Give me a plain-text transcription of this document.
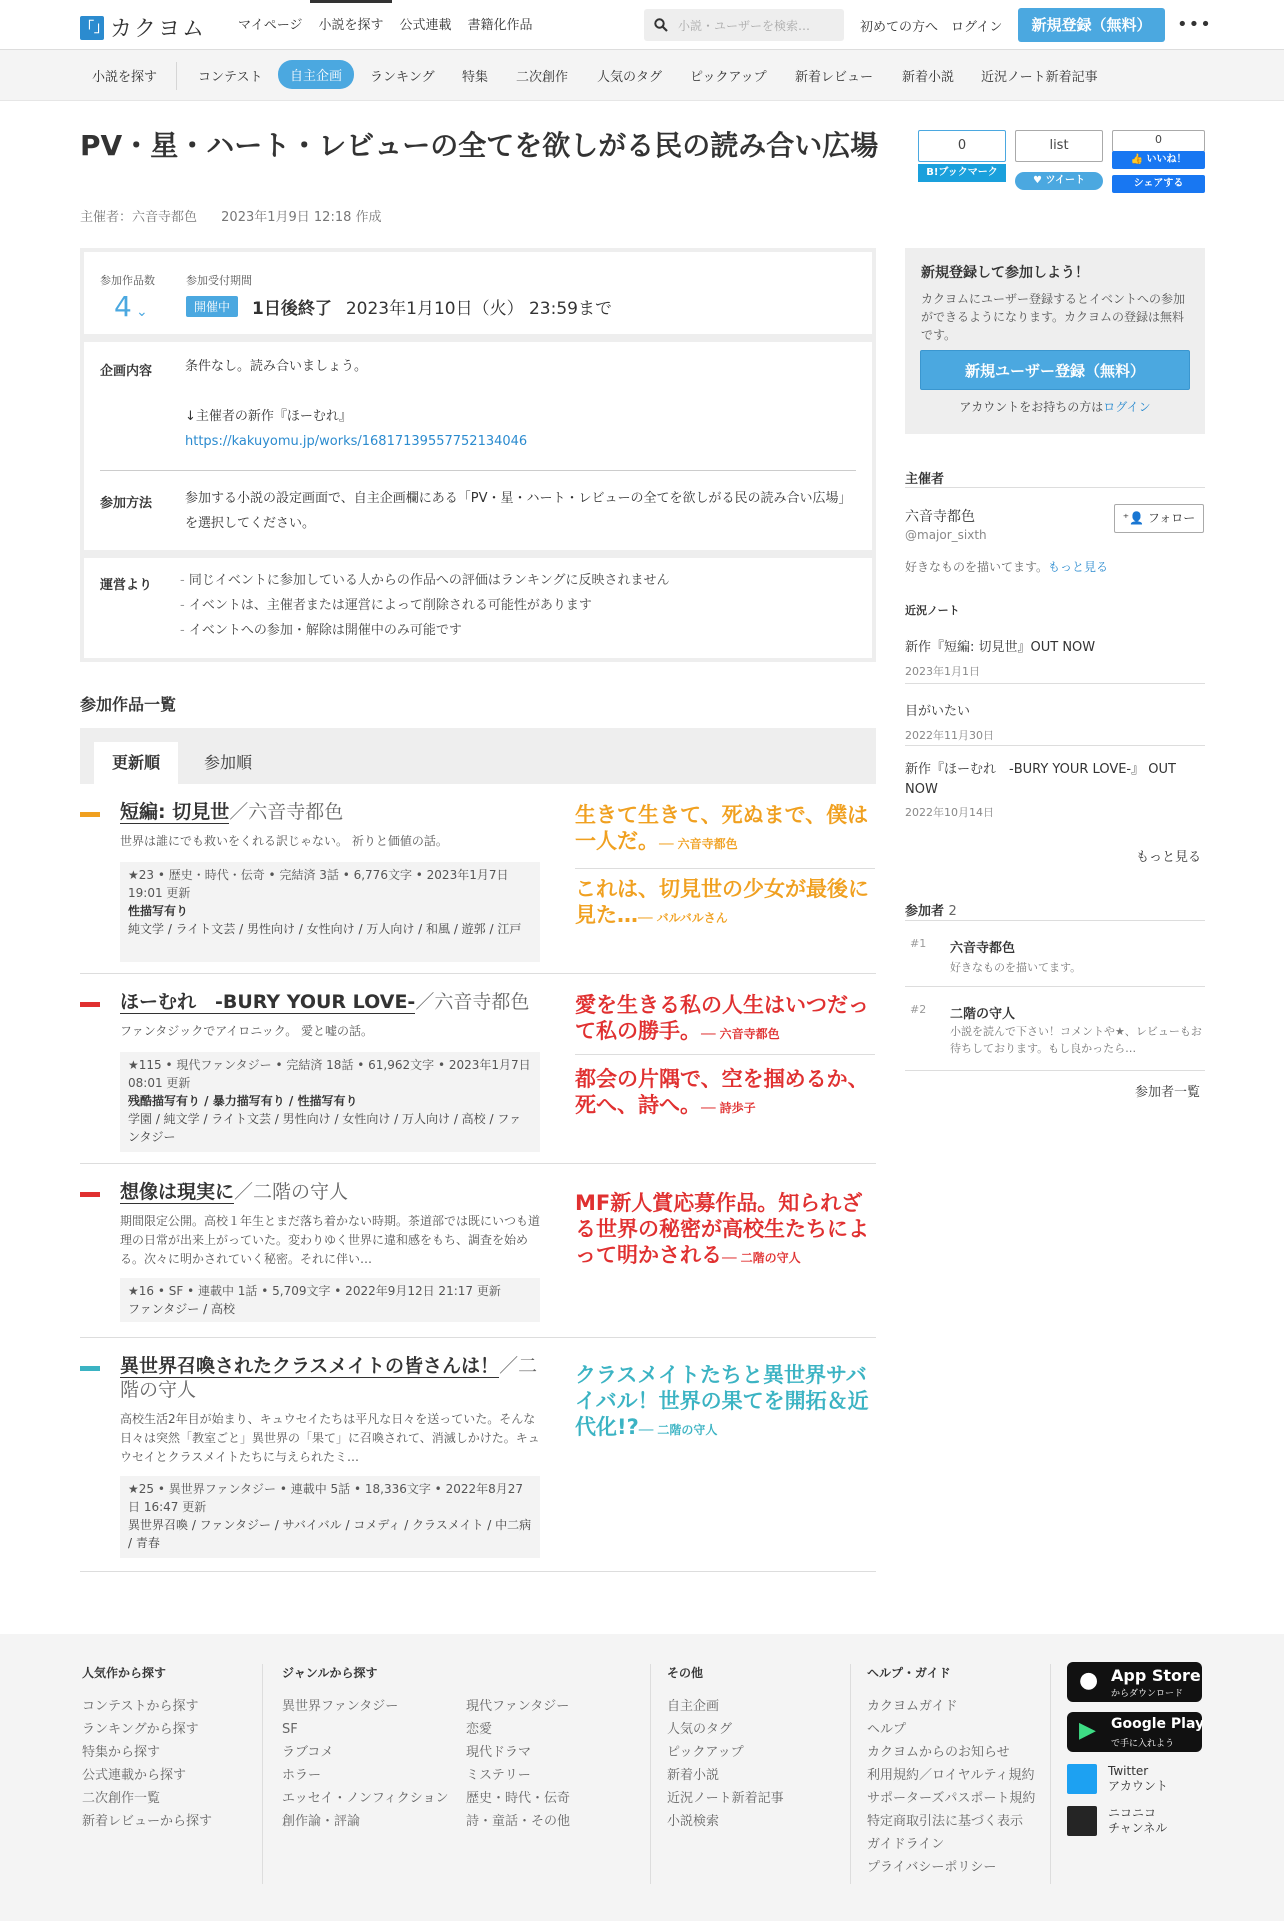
「」 カクヨム	マイページ	小説を探す	公式連載	書籍化作品	小説・ユーザーを検索…	初めての方へ ログイン	新規登録（無料）	•••
小説を探す	コンテスト	自主企画	ランキング 特集 二次創作 人気のタグ ピックアップ 新着レビュー 新着小説 近況ノート新着記事
PV・星・ハート・レビューの全てを欲しがる民の読み合い広場
主催者：六音寺都色 2023年1月9日 12:18 作成
0
B!ブックマーク
list
♥ ツイート
0
👍 いいね！
シェアする
参加作品数
4 ⌄
参加受付期間
開催中	1日後終了 2023年1月10日（火） 23:59まで
企画内容	条件なし。読み合いましょう。
↓主催者の新作『ほーむれ』
https://kakuyomu.jp/works/16817139557752134046
参加方法	参加する小説の設定画面で、自主企画欄にある「PV・星・ハート・レビューの全てを欲しがる民の読み合い広場」を選択してください。
運営より - 同じイベントに参加している人からの作品への評価はランキングに反映されません
- イベントは、主催者または運営によって削除される可能性があります
- イベントへの参加・解除は開催中のみ可能です
参加作品一覧
更新順	参加順
短編: 切見世／六音寺都色
世界は誰にでも救いをくれる訳じゃない。 祈りと価値の話。
★23 • 歴史・時代・伝奇 • 完結済 3話 • 6,776文字 • 2023年1月7日 19:01 更新
性描写有り
純文学 / ライト文芸 / 男性向け / 女性向け / 万人向け / 和風 / 遊郭 / 江戸
生きて生きて、死ぬまで、僕は一人だ。── 六音寺都色
これは、切見世の少女が最後に見た…── バルバルさん
ほーむれ　-BURY YOUR LOVE-／六音寺都色
ファンタジックでアイロニック。 愛と嘘の話。
★115 • 現代ファンタジー • 完結済 18話 • 61,962文字 • 2023年1月7日 08:01 更新
残酷描写有り / 暴力描写有り / 性描写有り
学園 / 純文学 / ライト文芸 / 男性向け / 女性向け / 万人向け / 高校 / ファンタジー
愛を生きる私の人生はいつだって私の勝手。── 六音寺都色
都会の片隅で、空を掴めるか、死へ、詩へ。── 詩歩子
想像は現実に／二階の守人
期間限定公開。高校１年生とまだ落ち着かない時期。茶道部では既にいつも道理の日常が出来上がっていた。変わりゆく世界に違和感をもち、調査を始める。次々に明かされていく秘密。それに伴い…
★16 • SF • 連載中 1話 • 5,709文字 • 2022年9月12日 21:17 更新
ファンタジー / 高校
MF新人賞応募作品。知られざる世界の秘密が高校生たちによって明かされる── 二階の守人
異世界召喚されたクラスメイトの皆さんは！／二階の守人
高校生活2年目が始まり、キュウセイたちは平凡な日々を送っていた。そんな日々は突然「教室ごと」異世界の「果て」に召喚されて、消滅しかけた。キュウセイとクラスメイトたちに与えられたミ…
★25 • 異世界ファンタジー • 連載中 5話 • 18,336文字 • 2022年8月27日 16:47 更新
異世界召喚 / ファンタジー / サバイバル / コメディ / クラスメイト / 中二病 / 青春
クラスメイトたちと異世界サバイバル！世界の果てを開拓＆近代化!?── 二階の守人
新規登録して参加しよう！
カクヨムにユーザー登録するとイベントへの参加ができるようになります。カクヨムの登録は無料です。
新規ユーザー登録（無料）
アカウントをお持ちの方はログイン
主催者
六音寺都色
@major_sixth
⁺👤 フォロー
好きなものを描いてます。もっと見る
近況ノート
新作『短編: 切見世』OUT NOW
2023年1月1日
目がいたい
2022年11月30日
新作『ほーむれ　-BURY YOUR LOVE-』 OUT NOW
2022年10月14日
もっと見る
参加者 2
#1 六音寺都色
好きなものを描いてます。
#2 二階の守人
小説を読んで下さい！コメントや★、レビューもお待ちしております。もし良かったら…
参加者一覧
人気作から探す
コンテストから探す
ランキングから探す
特集から探す
公式連載から探す
二次創作一覧
新着レビューから探す
ジャンルから探す
異世界ファンタジー
SF
ラブコメ
ホラー
エッセイ・ノンフィクション
創作論・評論
現代ファンタジー
恋愛
現代ドラマ
ミステリー
歴史・時代・伝奇
詩・童話・その他
その他
自主企画
人気のタグ
ピックアップ
新着小説
近況ノート新着記事
小説検索
ヘルプ・ガイド
カクヨムガイド
ヘルプ
カクヨムからのお知らせ
利用規約／ロイヤルティ規約
サポーターズパスポート規約
特定商取引法に基づく表示
ガイドライン
プライバシーポリシー
● App Store
からダウンロード
▶ Google Play
で手に入れよう
Twitter
アカウント
ニコニコ
チャンネル
